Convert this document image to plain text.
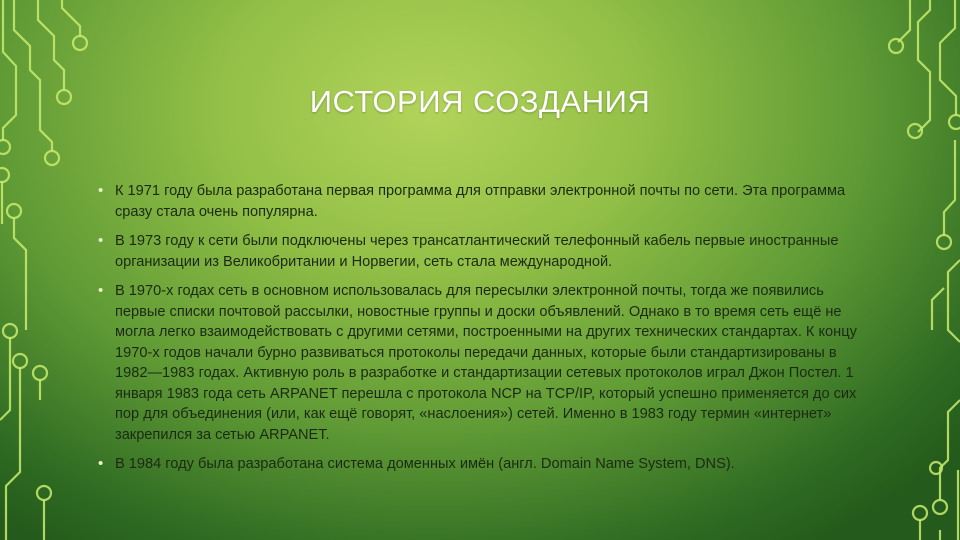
ИСТОРИЯ СОЗДАНИЯ
• К 1971 году была разработана первая программа для отправки электронной почты по сети. Эта программа сразу стала очень популярна.
• В 1973 году к сети были подключены через трансатлантический телефонный кабель первые иностранные организации из Великобритании и Норвегии, сеть стала международной.
• В 1970-х годах сеть в основном использовалась для пересылки электронной почты, тогда же появились первые списки почтовой рассылки, новостные группы и доски объявлений. Однако в то время сеть ещё не могла легко взаимодействовать с другими сетями, построенными на других технических стандартах. К концу 1970-х годов начали бурно развиваться протоколы передачи данных, которые были стандартизированы в 1982—1983 годах. Активную роль в разработке и стандартизации сетевых протоколов играл Джон Постел. 1 января 1983 года сеть ARPANET перешла с протокола NCP на TCP/IP, который успешно применяется до сих пор для объединения (или, как ещё говорят, «наслоения») сетей. Именно в 1983 году термин «интернет» закрепился за сетью ARPANET.
• В 1984 году была разработана система доменных имён (англ. Domain Name System, DNS).
